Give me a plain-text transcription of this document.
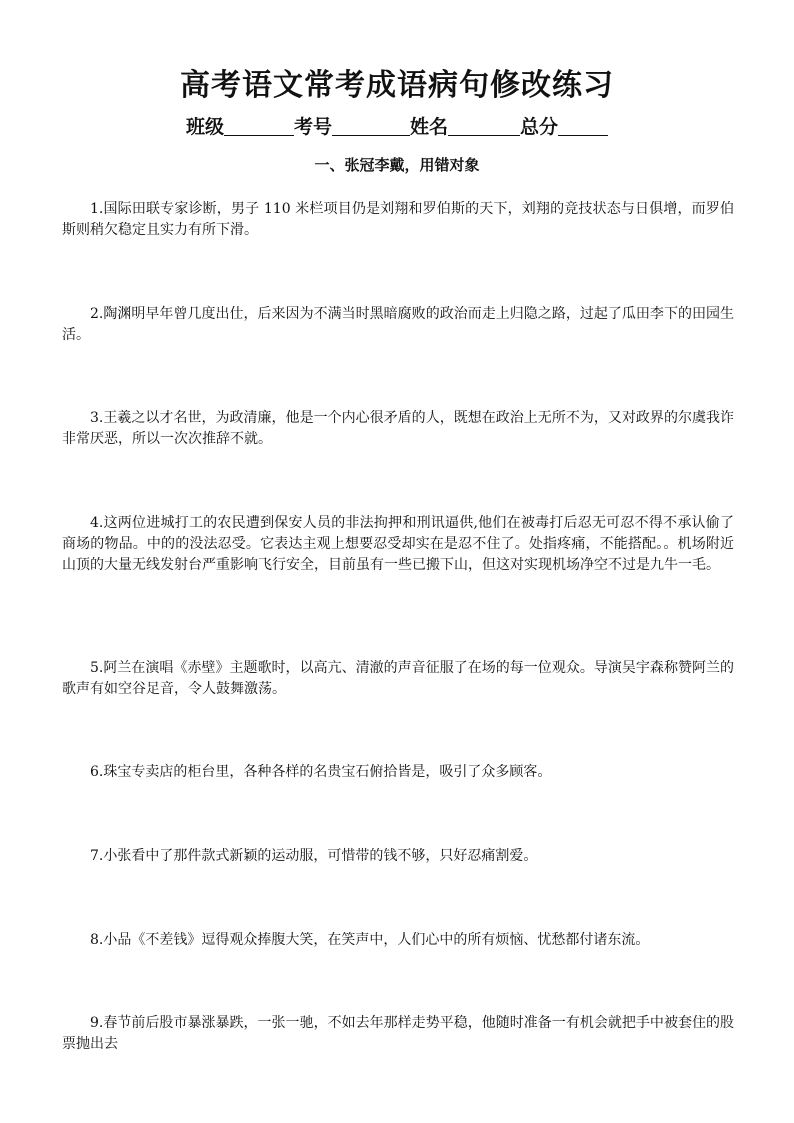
高考语文常考成语病句修改练习
班级	考号	姓名	总分
一、张冠李戴，用错对象

1.国际田联专家诊断，男子 110 米栏项目仍是刘翔和罗伯斯的天下，刘翔的竞技状态与日俱增，而罗伯斯则稍欠稳定且实力有所下滑。

2.陶渊明早年曾几度出仕，后来因为不满当时黑暗腐败的政治而走上归隐之路，过起了瓜田李下的田园生活。

3.王羲之以才名世，为政清廉，他是一个内心很矛盾的人，既想在政治上无所不为，又对政界的尔虞我诈非常厌恶，所以一次次推辞不就。

4.这两位进城打工的农民遭到保安人员的非法拘押和刑讯逼供,他们在被毒打后忍无可忍不得不承认偷了商场的物品。中的的没法忍受。它表达主观上想要忍受却实在是忍不住了。处指疼痛，不能搭配。。机场附近山顶的大量无线发射台严重影响飞行安全，目前虽有一些已搬下山，但这对实现机场净空不过是九牛一毛。

5.阿兰在演唱《赤壁》主题歌时，以高亢、清澈的声音征服了在场的每一位观众。导演吴宇森称赞阿兰的歌声有如空谷足音，令人鼓舞激荡。

6.珠宝专卖店的柜台里，各种各样的名贵宝石俯拾皆是，吸引了众多顾客。

7.小张看中了那件款式新颖的运动服，可惜带的钱不够，只好忍痛割爱。

8.小品《不差钱》逗得观众捧腹大笑，在笑声中，人们心中的所有烦恼、忧愁都付诸东流。

9.春节前后股市暴涨暴跌，一张一驰，不如去年那样走势平稳，他随时准备一有机会就把手中被套住的股票抛出去
